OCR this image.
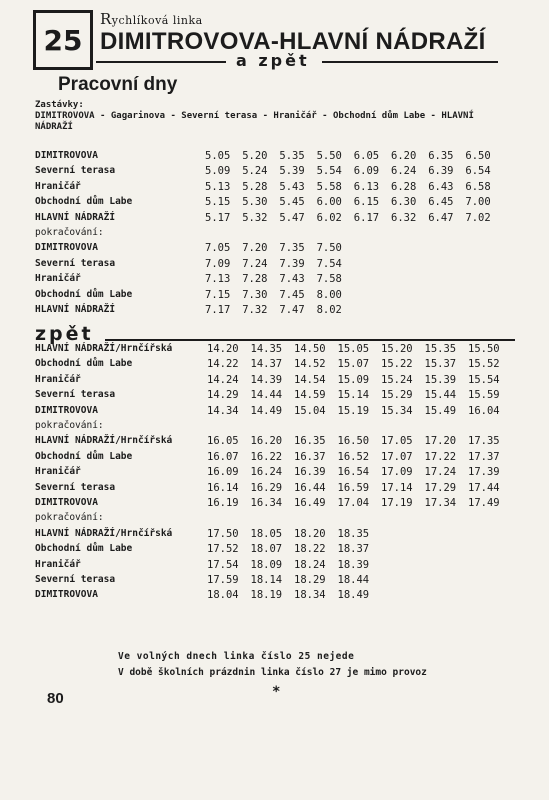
25
Rychlíková linka
DIMITROVOVA-HLAVNÍ NÁDRAŽÍ
a zpět
Pracovní dny
Zastávky:
DIMITROVOVA - Gagarinova - Severní terasa - Hraničář - Obchodní dům Labe - HLAVNÍ NÁDRAŽÍ
DIMITROVOVA	5.05 5.20 5.35 5.50 6.05 6.20 6.35 6.50
Severní terasa	5.09 5.24 5.39 5.54 6.09 6.24 6.39 6.54
Hraničář	5.13 5.28 5.43 5.58 6.13 6.28 6.43 6.58
Obchodní dům Labe	5.15 5.30 5.45 6.00 6.15 6.30 6.45 7.00
HLAVNÍ NÁDRAŽÍ	5.17 5.32 5.47 6.02 6.17 6.32 6.47 7.02
pokračování:
DIMITROVOVA	7.05 7.20 7.35 7.50
Severní terasa	7.09 7.24 7.39 7.54
Hraničář	7.13 7.28 7.43 7.58
Obchodní dům Labe	7.15 7.30 7.45 8.00
HLAVNÍ NÁDRAŽÍ	7.17 7.32 7.47 8.02
zpět
HLAVNÍ NÁDRAŽÍ/Hrnčířská	14.20 14.35 14.50 15.05 15.20 15.35 15.50
Obchodní dům Labe	14.22 14.37 14.52 15.07 15.22 15.37 15.52
Hraničář	14.24 14.39 14.54 15.09 15.24 15.39 15.54
Severní terasa	14.29 14.44 14.59 15.14 15.29 15.44 15.59
DIMITROVOVA	14.34 14.49 15.04 15.19 15.34 15.49 16.04
pokračování:
HLAVNÍ NÁDRAŽÍ/Hrnčířská	16.05 16.20 16.35 16.50 17.05 17.20 17.35
Obchodní dům Labe	16.07 16.22 16.37 16.52 17.07 17.22 17.37
Hraničář	16.09 16.24 16.39 16.54 17.09 17.24 17.39
Severní terasa	16.14 16.29 16.44 16.59 17.14 17.29 17.44
DIMITROVOVA	16.19 16.34 16.49 17.04 17.19 17.34 17.49
pokračování:
HLAVNÍ NÁDRAŽÍ/Hrnčířská	17.50 18.05 18.20 18.35
Obchodní dům Labe	17.52 18.07 18.22 18.37
Hraničář	17.54 18.09 18.24 18.39
Severní terasa	17.59 18.14 18.29 18.44
DIMITROVOVA	18.04 18.19 18.34 18.49
Ve volných dnech linka číslo 25 nejede
V době školních prázdnin linka číslo 27 je mimo provoz
80	*
